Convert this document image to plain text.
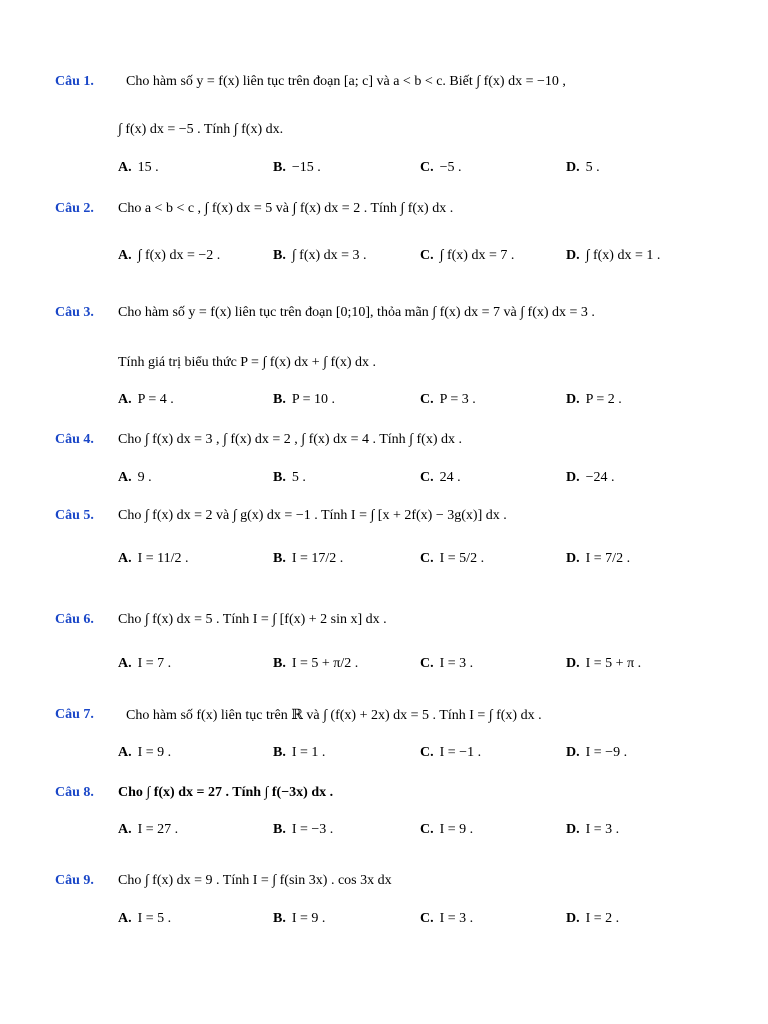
Câu 1. Cho hàm số y = f(x) liên tục trên đoạn [a; c] và a < b < c. Biết ∫ f(x) dx = −10 ,
∫ f(x) dx = −5 . Tính ∫ f(x) dx.
A. 15 .	B. −15 .	C. −5 .	D. 5 .
Câu 2. Cho a < b < c , ∫ f(x) dx = 5 và ∫ f(x) dx = 2 . Tính ∫ f(x) dx .
A. ∫ f(x) dx = −2 .	B. ∫ f(x) dx = 3 .	C. ∫ f(x) dx = 7 .	D. ∫ f(x) dx = 1 .
Câu 3. Cho hàm số y = f(x) liên tục trên đoạn [0;10], thỏa mãn ∫ f(x) dx = 7 và ∫ f(x) dx = 3 .
Tính giá trị biểu thức P = ∫ f(x) dx + ∫ f(x) dx .
A. P = 4 .	B. P = 10 .	C. P = 3 .	D. P = 2 .
Câu 4. Cho ∫ f(x) dx = 3 , ∫ f(x) dx = 2 , ∫ f(x) dx = 4 . Tính ∫ f(x) dx .
A. 9 .	B. 5 .	C. 24 .	D. −24 .
Câu 5. Cho ∫ f(x) dx = 2 và ∫ g(x) dx = −1 . Tính I = ∫ [x + 2f(x) − 3g(x)] dx .
A. I = 11/2 .	B. I = 17/2 .	C. I = 5/2 .	D. I = 7/2 .
Câu 6. Cho ∫ f(x) dx = 5 . Tính I = ∫ [f(x) + 2 sin x] dx .
A. I = 7 .	B. I = 5 + π/2 .	C. I = 3 .	D. I = 5 + π .
Câu 7. Cho hàm số f(x) liên tục trên ℝ và ∫ (f(x) + 2x) dx = 5 . Tính I = ∫ f(x) dx .
A. I = 9 .	B. I = 1 .	C. I = −1 .	D. I = −9 .
Câu 8. Cho ∫ f(x) dx = 27 . Tính ∫ f(−3x) dx .
A. I = 27 .	B. I = −3 .	C. I = 9 .	D. I = 3 .
Câu 9. Cho ∫ f(x) dx = 9 . Tính I = ∫ f(sin 3x) . cos 3x dx
A. I = 5 .	B. I = 9 .	C. I = 3 .	D. I = 2 .
